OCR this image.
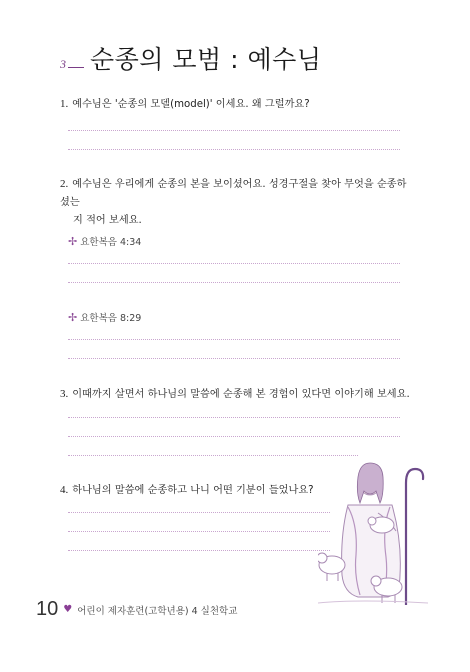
3 순종의 모범 : 예수님
1. 예수님은 '순종의 모델(model)' 이세요. 왜 그럴까요?
2. 예수님은 우리에게 순종의 본을 보이셨어요. 성경구절을 찾아 무엇을 순종하셨는
지 적어 보세요.
✢ 요한복음 4:34
✢ 요한복음 8:29
3. 이때까지 살면서 하나님의 말씀에 순종해 본 경험이 있다면 이야기해 보세요.
4. 하나님의 말씀에 순종하고 나니 어떤 기분이 들었나요?
10 ♥ 어린이 제자훈련(고학년용) 4 실천학교
